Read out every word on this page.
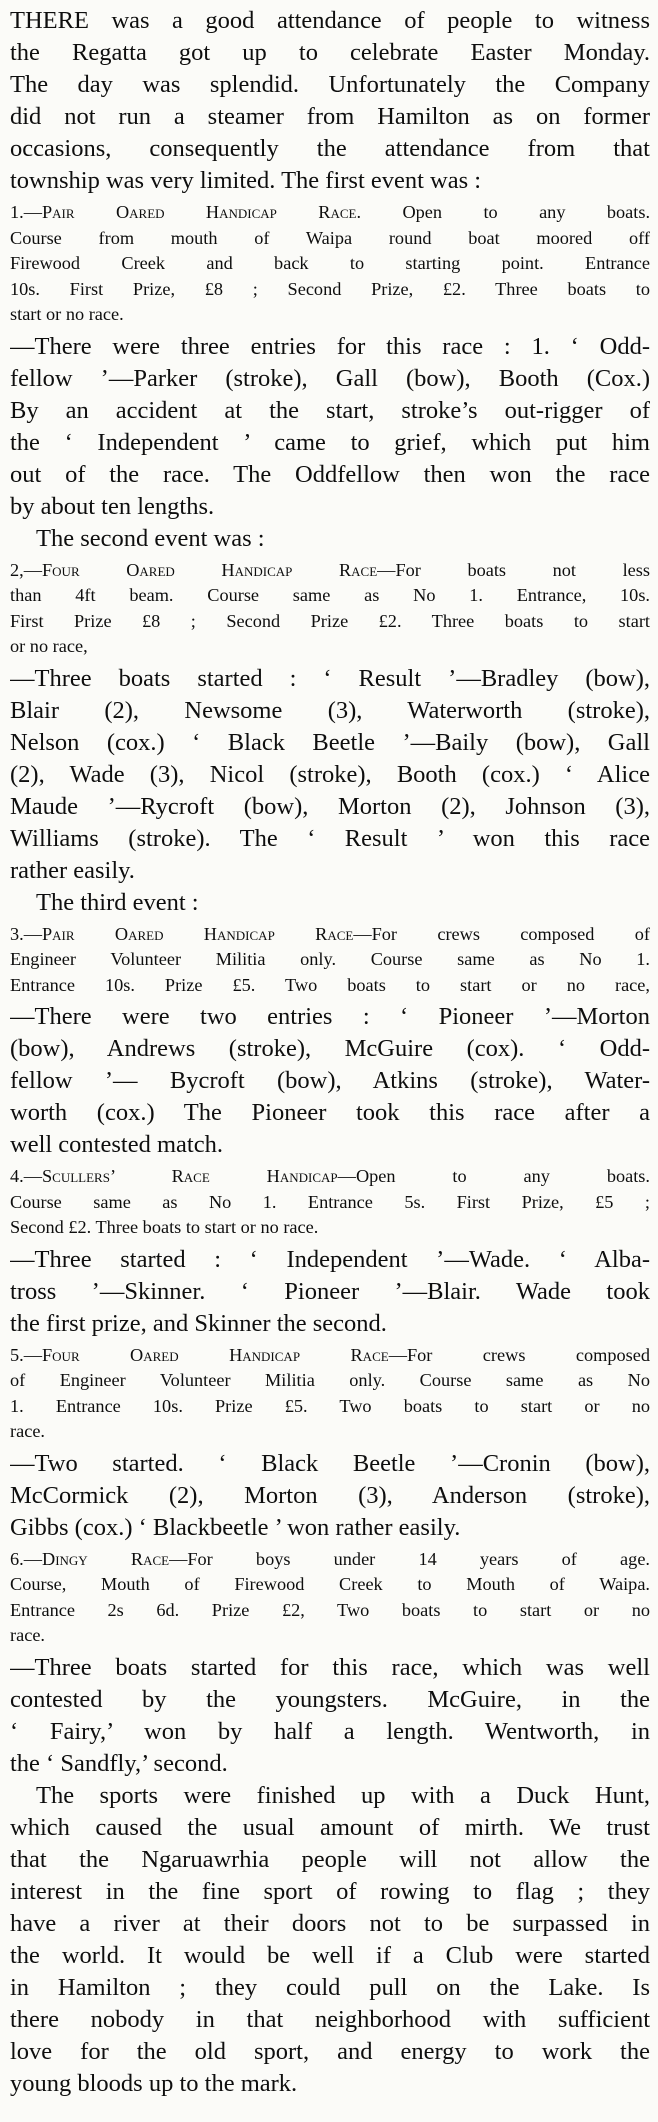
THERE was a good attendance of people to witness

the Regatta got up to celebrate Easter Monday.

The day was splendid. Unfortunately the Company

did not run a steamer from Hamilton as on former

occasions, consequently the attendance from that

township was very limited. The first event was :

1.—Pair Oared Handicap Race. Open to any boats.

Course from mouth of Waipa round boat moored off

Firewood Creek and back to starting point. Entrance

10s. First Prize, £8 ; Second Prize, £2. Three boats to

start or no race.

—There were three entries for this race : 1. ‘ Odd-

fellow ’—Parker (stroke), Gall (bow), Booth (Cox.)

By an accident at the start, stroke’s out-rigger of

the ‘ Independent ’ came to grief, which put him

out of the race. The Oddfellow then won the race

by about ten lengths.

The second event was :

2,—Four Oared Handicap Race—For boats not less

than 4ft beam. Course same as No 1. Entrance, 10s.

First Prize £8 ; Second Prize £2. Three boats to start

or no race,

—Three boats started : ‘ Result ’—Bradley (bow),

Blair (2), Newsome (3), Waterworth (stroke),

Nelson (cox.) ‘ Black Beetle ’—Baily (bow), Gall

(2), Wade (3), Nicol (stroke), Booth (cox.) ‘ Alice

Maude ’—Rycroft (bow), Morton (2), Johnson (3),

Williams (stroke). The ‘ Result ’ won this race

rather easily.

The third event :

3.—Pair Oared Handicap Race—For crews composed of

Engineer Volunteer Militia only. Course same as No 1.

Entrance 10s. Prize £5. Two boats to start or no race,

—There were two entries : ‘ Pioneer ’—Morton

(bow), Andrews (stroke), McGuire (cox). ‘ Odd-

fellow ’— Bycroft (bow), Atkins (stroke), Water-

worth (cox.) The Pioneer took this race after a

well contested match.

4.—Scullers’ Race Handicap—Open to any boats.

Course same as No 1. Entrance 5s. First Prize, £5 ;

Second £2. Three boats to start or no race.

—Three started : ‘ Independent ’—Wade. ‘ Alba-

tross ’—Skinner. ‘ Pioneer ’—Blair. Wade took

the first prize, and Skinner the second.

5.—Four Oared Handicap Race—For crews composed

of Engineer Volunteer Militia only. Course same as No

1. Entrance 10s. Prize £5. Two boats to start or no

race.

—Two started. ‘ Black Beetle ’—Cronin (bow),

McCormick (2), Morton (3), Anderson (stroke),

Gibbs (cox.) ‘ Blackbeetle ’ won rather easily.

6.—Dingy Race—For boys under 14 years of age.

Course, Mouth of Firewood Creek to Mouth of Waipa.

Entrance 2s 6d. Prize £2, Two boats to start or no

race.

—Three boats started for this race, which was well

contested by the youngsters. McGuire, in the

‘ Fairy,’ won by half a length. Wentworth, in

the ‘ Sandfly,’ second.

The sports were finished up with a Duck Hunt,

which caused the usual amount of mirth. We trust

that the Ngaruawrhia people will not allow the

interest in the fine sport of rowing to flag ; they

have a river at their doors not to be surpassed in

the world. It would be well if a Club were started

in Hamilton ; they could pull on the Lake. Is

there nobody in that neighborhood with sufficient

love for the old sport, and energy to work the

young bloods up to the mark.
